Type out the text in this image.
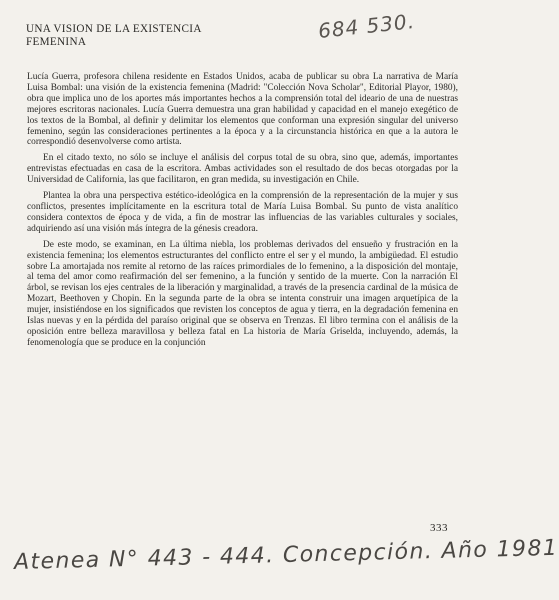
UNA VISION DE LA EXISTENCIA
FEMENINA	684 530.

Lucía Guerra, profesora chilena residente en Estados Unidos, acaba de publicar su obra La narrativa de María Luisa Bombal: una visión de la existencia femenina (Madrid: "Colección Nova Scholar", Editorial Playor, 1980), obra que implica uno de los aportes más importantes hechos a la comprensión total del ideario de una de nuestras mejores escritoras nacionales. Lucía Guerra demuestra una gran habilidad y capacidad en el manejo exegético de los textos de la Bombal, al definir y delimitar los elementos que conforman una expresión singular del universo femenino, según las consideraciones pertinentes a la época y a la circunstancia histórica en que a la autora le correspondió desenvolverse como artista.

En el citado texto, no sólo se incluye el análisis del corpus total de su obra, sino que, además, importantes entrevistas efectuadas en casa de la escritora. Ambas actividades son el resultado de dos becas otorgadas por la Universidad de California, las que facilitaron, en gran medida, su investigación en Chile.

Plantea la obra una perspectiva estético-ideológica en la comprensión de la representación de la mujer y sus conflictos, presentes implícitamente en la escritura total de María Luisa Bombal. Su punto de vista analítico considera contextos de época y de vida, a fin de mostrar las influencias de las variables culturales y sociales, adquiriendo así una visión más íntegra de la génesis creadora.

De este modo, se examinan, en La última niebla, los problemas derivados del ensueño y frustración en la existencia femenina; los elementos estructurantes del conflicto entre el ser y el mundo, la ambigüedad. El estudio sobre La amortajada nos remite al retorno de las raíces primordiales de lo femenino, a la disposición del montaje, al tema del amor como reafirmación del ser femenino, a la función y sentido de la muerte. Con la narración El árbol, se revisan los ejes centrales de la liberación y marginalidad, a través de la presencia cardinal de la música de Mozart, Beethoven y Chopin. En la segunda parte de la obra se intenta construir una imagen arquetípica de la mujer, insistiéndose en los significados que revisten los conceptos de agua y tierra, en la degradación femenina en Islas nuevas y en la pérdida del paraíso original que se observa en Trenzas. El libro termina con el análisis de la oposición entre belleza maravillosa y belleza fatal en La historia de María Griselda, incluyendo, además, la fenomenología que se produce en la conjunción

333
Atenea N° 443 - 444. Concepción. Año 1981
